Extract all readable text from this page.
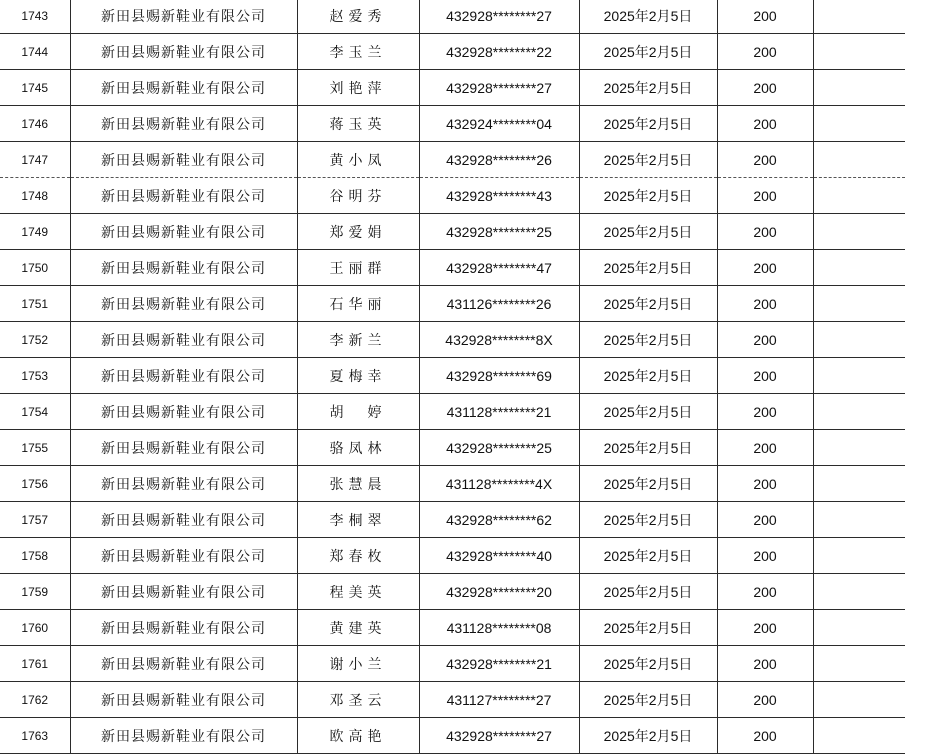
1743	新田县赐新鞋业有限公司	赵爱秀	432928********27	2025年2月5日	200	
1744	新田县赐新鞋业有限公司	李玉兰	432928********22	2025年2月5日	200	
1745	新田县赐新鞋业有限公司	刘艳萍	432928********27	2025年2月5日	200	
1746	新田县赐新鞋业有限公司	蒋玉英	432924********04	2025年2月5日	200	
1747	新田县赐新鞋业有限公司	黄小凤	432928********26	2025年2月5日	200	
1748	新田县赐新鞋业有限公司	谷明芬	432928********43	2025年2月5日	200	
1749	新田县赐新鞋业有限公司	郑爱娟	432928********25	2025年2月5日	200	
1750	新田县赐新鞋业有限公司	王丽群	432928********47	2025年2月5日	200	
1751	新田县赐新鞋业有限公司	石华丽	431126********26	2025年2月5日	200	
1752	新田县赐新鞋业有限公司	李新兰	432928********8X	2025年2月5日	200	
1753	新田县赐新鞋业有限公司	夏梅幸	432928********69	2025年2月5日	200	
1754	新田县赐新鞋业有限公司	胡　婷	431128********21	2025年2月5日	200	
1755	新田县赐新鞋业有限公司	骆凤林	432928********25	2025年2月5日	200	
1756	新田县赐新鞋业有限公司	张慧晨	431128********4X	2025年2月5日	200	
1757	新田县赐新鞋业有限公司	李桐翠	432928********62	2025年2月5日	200	
1758	新田县赐新鞋业有限公司	郑春枚	432928********40	2025年2月5日	200	
1759	新田县赐新鞋业有限公司	程美英	432928********20	2025年2月5日	200	
1760	新田县赐新鞋业有限公司	黄建英	431128********08	2025年2月5日	200	
1761	新田县赐新鞋业有限公司	谢小兰	432928********21	2025年2月5日	200	
1762	新田县赐新鞋业有限公司	邓圣云	431127********27	2025年2月5日	200	
1763	新田县赐新鞋业有限公司	欧高艳	432928********27	2025年2月5日	200	
